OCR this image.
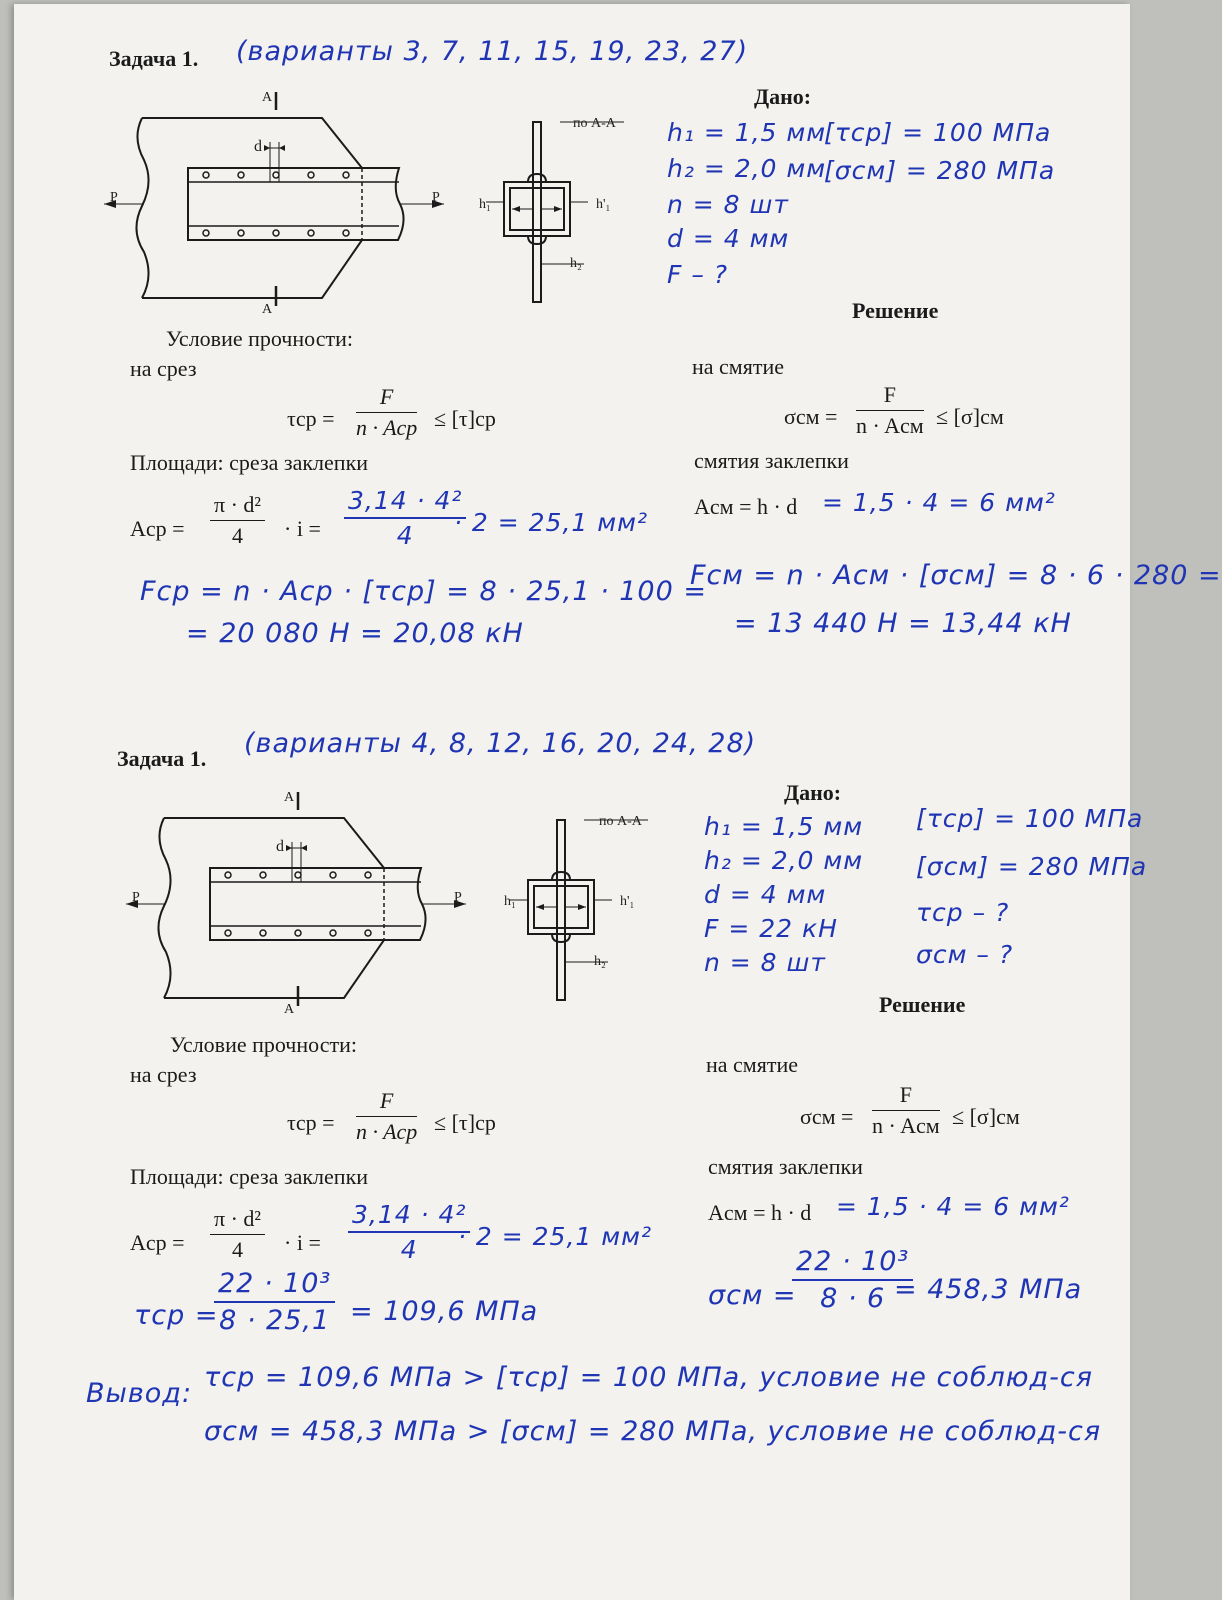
Задача 1. (варианты 3, 7, 11, 15, 19, 23, 27)
A
A
P	P
d
по A-A
h₁	h'₁
h₂
Дано:
h₁ = 1,5 мм
h₂ = 2,0 мм
n = 8 шт
d = 4 мм
F – ?
[τср] = 100 МПа
[σсм] = 280 МПа
Решение
Условие прочности:
на срез	на смятие
τср =
F
n · Aср ≤ [τ]ср	σсм =
F
n · Aсм ≤ [σ]см
Площади: среза заклепки	смятия заклепки
Aср = $\frac{\text{π · d²}}{4} \cdot i = \frac{\text{3,14 · 4²}}{4}$
· 2 = 25,1 мм²
Aсм = h · d = 1,5 · 4 = 6 мм²
Fср = n · Aср · [τср] = 8 · 25,1 · 100 =
= 20 080 Н = 20,08 кН
Fсм = n · Aсм · [σсм] = 8 · 6 · 280 =
= 13 440 Н = 13,44 кН
Задача 1. (варианты 4, 8, 12, 16, 20, 24, 28)
A
A
P	P
d
по A-A
h₁	h'₁
h₂
Дано:
h₁ = 1,5 мм
h₂ = 2,0 мм
d = 4 мм
F = 22 кН
n = 8 шт
[τср] = 100 МПа
[σсм] = 280 МПа
τср – ?
σсм – ?
Решение
Условие прочности:
на срез	на смятие
τср =
F
n · Aср ≤ [τ]ср	σсм =
F
n · Aсм ≤ [σ]см
Площади: среза заклепки	смятия заклепки
Aср = $\frac{\text{π · d²}}{4} \cdot i = \frac{\text{3,14 · 4²}}{4}$
· 2 = 25,1 мм²
Aсм = h · d = 1,5 · 4 = 6 мм²
τср =
$\frac{\text{22 · 10³}}{8 \cdot 25,1} = 109,6$ МПа
σсм =
$\frac{\text{22 · 10³}}{8 \cdot 6}$
= 458,3 МПа
Вывод:
τср = 109,6 МПа > [τср] = 100 МПа, условие не соблюд-ся
σсм = 458,3 МПа > [σсм] = 280 МПа, условие не соблюд-ся
